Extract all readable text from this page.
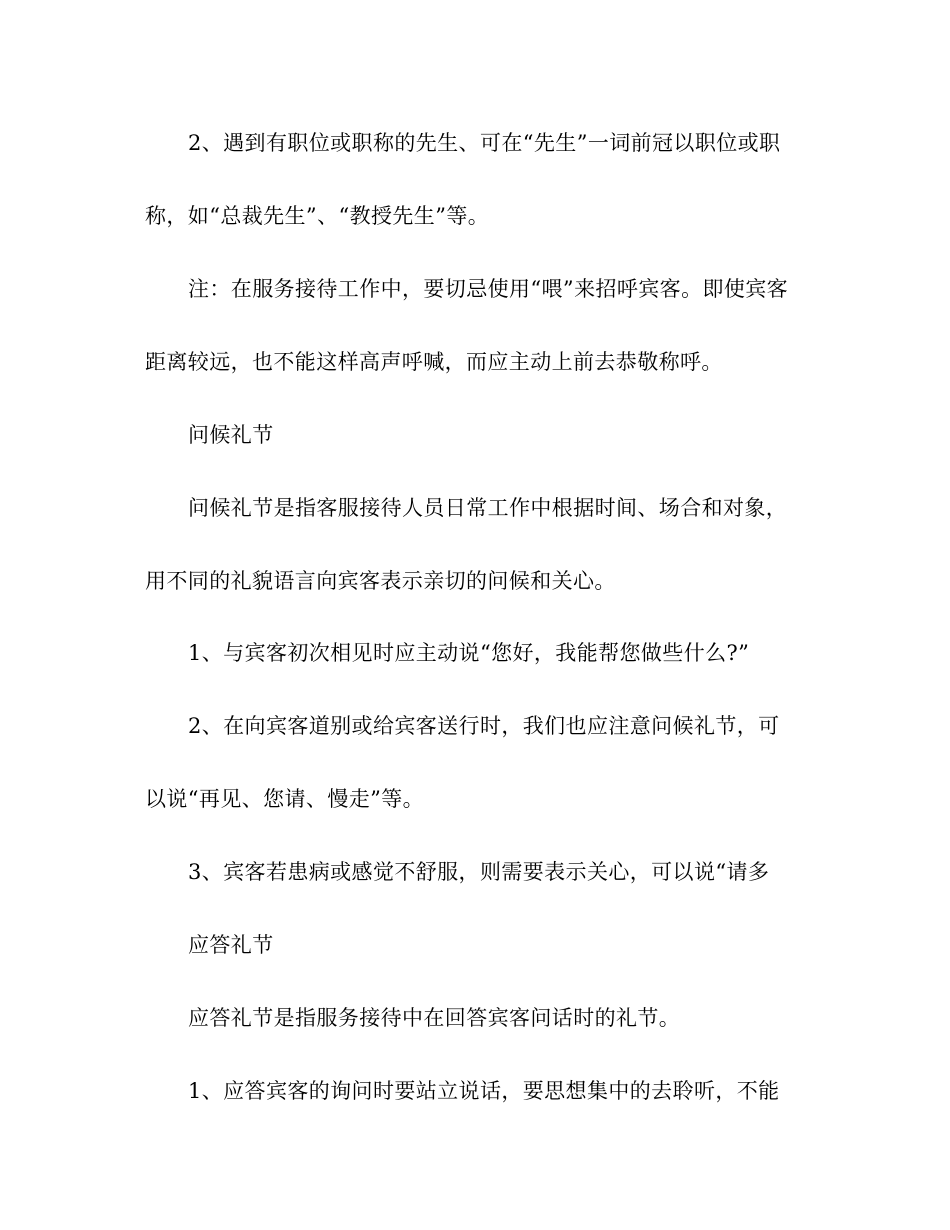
2、遇到有职位或职称的先生、可在“先生”一词前冠以职位或职
称，如“总裁先生”、“教授先生”等。
注：在服务接待工作中，要切忌使用“喂”来招呼宾客。即使宾客
距离较远，也不能这样高声呼喊，而应主动上前去恭敬称呼。
问候礼节
问候礼节是指客服接待人员日常工作中根据时间、场合和对象，
用不同的礼貌语言向宾客表示亲切的问候和关心。
1、与宾客初次相见时应主动说“您好，我能帮您做些什么?”
2、在向宾客道别或给宾客送行时，我们也应注意问候礼节，可
以说“再见、您请、慢走”等。
3、宾客若患病或感觉不舒服，则需要表示关心，可以说“请多
应答礼节
应答礼节是指服务接待中在回答宾客问话时的礼节。
1、应答宾客的询问时要站立说话，要思想集中的去聆听，不能
